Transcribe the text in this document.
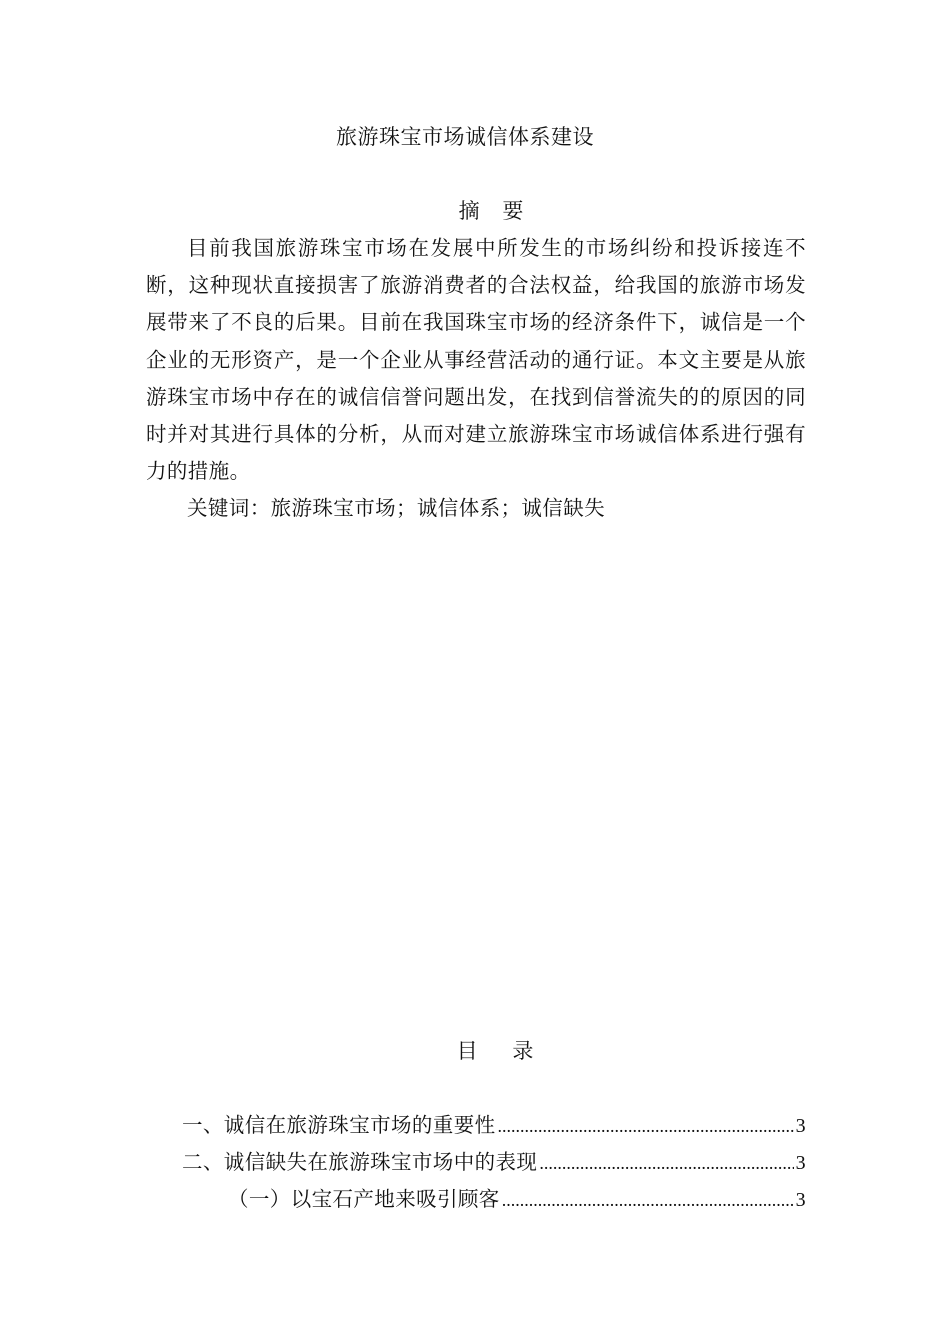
旅游珠宝市场诚信体系建设
摘 要

目前我国旅游珠宝市场在发展中所发生的市场纠纷和投诉接连不断，这种现状直接损害了旅游消费者的合法权益，给我国的旅游市场发展带来了不良的后果。目前在我国珠宝市场的经济条件下，诚信是一个企业的无形资产，是一个企业从事经营活动的通行证。本文主要是从旅游珠宝市场中存在的诚信信誉问题出发，在找到信誉流失的的原因的同时并对其进行具体的分析，从而对建立旅游珠宝市场诚信体系进行强有力的措施。

关键词：旅游珠宝市场；诚信体系；诚信缺失

目 录
一、诚信在旅游珠宝市场的重要性 .....	3
二、诚信缺失在旅游珠宝市场中的表现 .....	3
（一）以宝石产地来吸引顾客 .....	3
